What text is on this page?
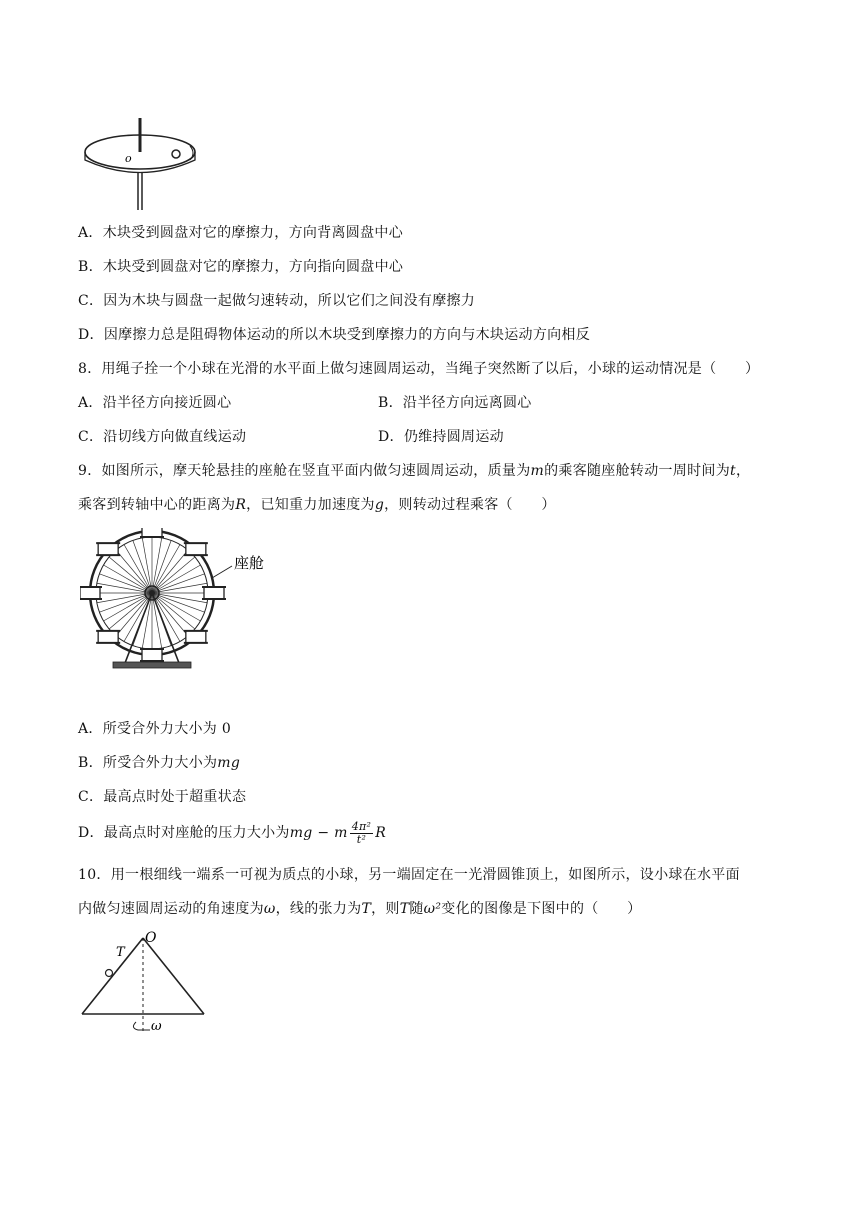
o
A．木块受到圆盘对它的摩擦力，方向背离圆盘中心
B．木块受到圆盘对它的摩擦力，方向指向圆盘中心
C．因为木块与圆盘一起做匀速转动，所以它们之间没有摩擦力
D．因摩擦力总是阻碍物体运动的所以木块受到摩擦力的方向与木块运动方向相反
8．用绳子拴一个小球在光滑的水平面上做匀速圆周运动，当绳子突然断了以后，小球的运动情况是（　　）
A．沿半径方向接近圆心	B．沿半径方向远离圆心
C．沿切线方向做直线运动	D．仍维持圆周运动
9．如图所示，摩天轮悬挂的座舱在竖直平面内做匀速圆周运动，质量为m的乘客随座舱转动一周时间为t，
乘客到转轴中心的距离为R，已知重力加速度为g，则转动过程乘客（　　）
座舱
A．所受合外力大小为 0
B．所受合外力大小为mg
C．最高点时处于超重状态
D．最高点时对座舱的压力大小为mg − m $\frac{\text{4π²}}{\text{t²}}$ R
10．用一根细线一端系一可视为质点的小球，另一端固定在一光滑圆锥顶上，如图所示，设小球在水平面
内做匀速圆周运动的角速度为ω，线的张力为T，则T随ω²变化的图像是下图中的（　　）
O
T
ω
